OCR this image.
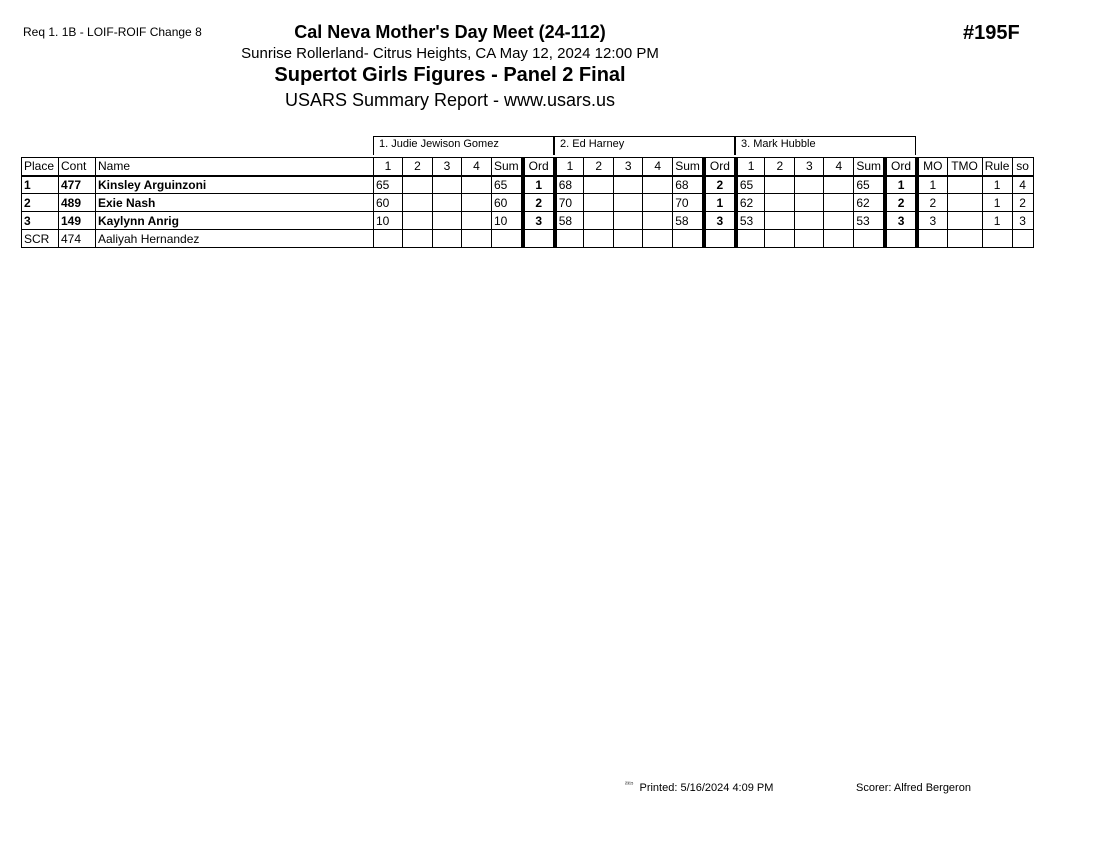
Req 1. 1B - LOIF-ROIF Change 8	#195F
Cal Neva Mother's Day Meet (24-112)
Sunrise Rollerland- Citrus Heights, CA May 12, 2024 12:00 PM
Supertot Girls Figures - Panel 2 Final
USARS Summary Report - www.usars.us
1. Judie Jewison Gomez	2. Ed Harney	3. Mark Hubble
Place	Cont	Name	1	2	3	4	Sum	Ord	1	2	3	4	Sum	Ord	1	2	3	4	Sum	Ord	MO	TMO	Rule	so
1	477	Kinsley Arguinzoni	65				65	1	68				68	2	65				65	1	1		1	4
2	489	Exie Nash	60				60	2	70				70	1	62				62	2	2		1	2
3	149	Kaylynn Anrig	10				10	3	58				58	3	53				53	3	3		1	3
SCR	474	Aaliyah Hernandez																						
$^{^{2315}}$ Printed: 5/16/2024 4:09 PM	Scorer: Alfred Bergeron
